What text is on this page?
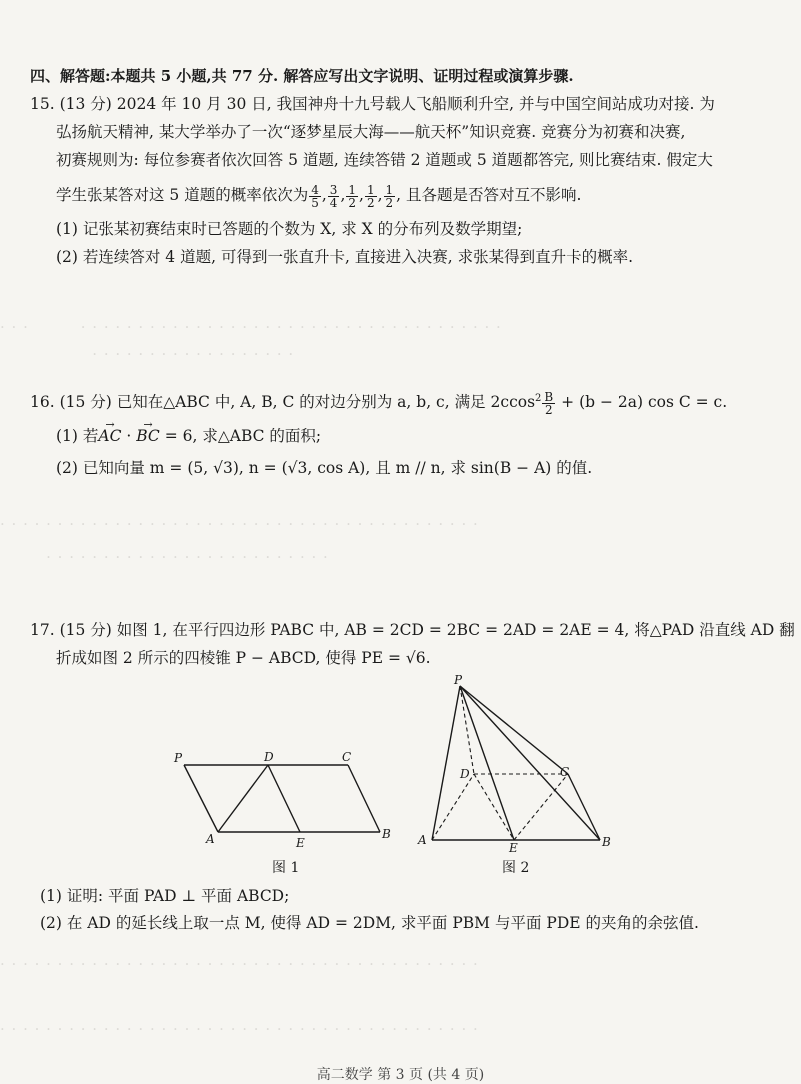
· · ·         · · · · · · · · · · · · · · · · · · · · · · · · · · · · · · · · · · · · ·
· · · · · · · · · · · · · · · · · ·
· · · · · · · · · · · · · · · · · · · · · · · · · · · · · · · · · · · · · · · · · ·
· · · · · · · · · · · · · · · · · · · · · · · · ·
· · · · · · · · · · · · · · · · · · · · · · · · · · · · · · · · · · · · · · · · · ·
· · · · · · · · · · · · · · · · · · · · · · · · · · · · · · · · · · · · · · · · · ·
四、解答题:本题共 5 小题,共 77 分. 解答应写出文字说明、证明过程或演算步骤.
15. (13 分) 2024 年 10 月 30 日, 我国神舟十九号载人飞船顺利升空, 并与中国空间站成功对接. 为
弘扬航天精神, 某大学举办了一次“逐梦星辰大海——航天杯”知识竞赛. 竞赛分为初赛和决赛,
初赛规则为: 每位参赛者依次回答 5 道题, 连续答错 2 道题或 5 道题都答完, 则比赛结束. 假定大
学生张某答对这 5 道题的概率依次为 $\frac{4}{5}$ , $\frac{3}{4}$ , $\frac{1}{2}$ , $\frac{1}{2}$ , $\frac{1}{2}$ , 且各题是否答对互不影响.
(1) 记张某初赛结束时已答题的个数为 X, 求 X 的分布列及数学期望;
(2) 若连续答对 4 道题, 可得到一张直升卡, 直接进入决赛, 求张某得到直升卡的概率.
16. (15 分) 已知在△ABC 中, A, B, C 的对边分别为 a, b, c, 满足 $2ccos^2 \frac{B}{2} + (b - 2a)$ cos C = c.
(1) 若→ AC · → BC = 6, 求△ABC 的面积;
(2) 已知向量 m = (5, √3), n = (√3, cos A), 且 m // n, 求 sin(B − A) 的值.
17. (15 分) 如图 1, 在平行四边形 PABC 中, AB = 2CD = 2BC = 2AD = 2AE = 4, 将△PAD 沿直线 AD 翻
折成如图 2 所示的四棱锥 P − ABCD, 使得 PE = √6.
P	D	C
A	E
B
图 1
P
D	C
A
E	B
图 2
(1) 证明: 平面 PAD ⊥ 平面 ABCD;
(2) 在 AD 的延长线上取一点 M, 使得 AD = 2DM, 求平面 PBM 与平面 PDE 的夹角的余弦值.
高二数学 第 3 页 (共 4 页)
